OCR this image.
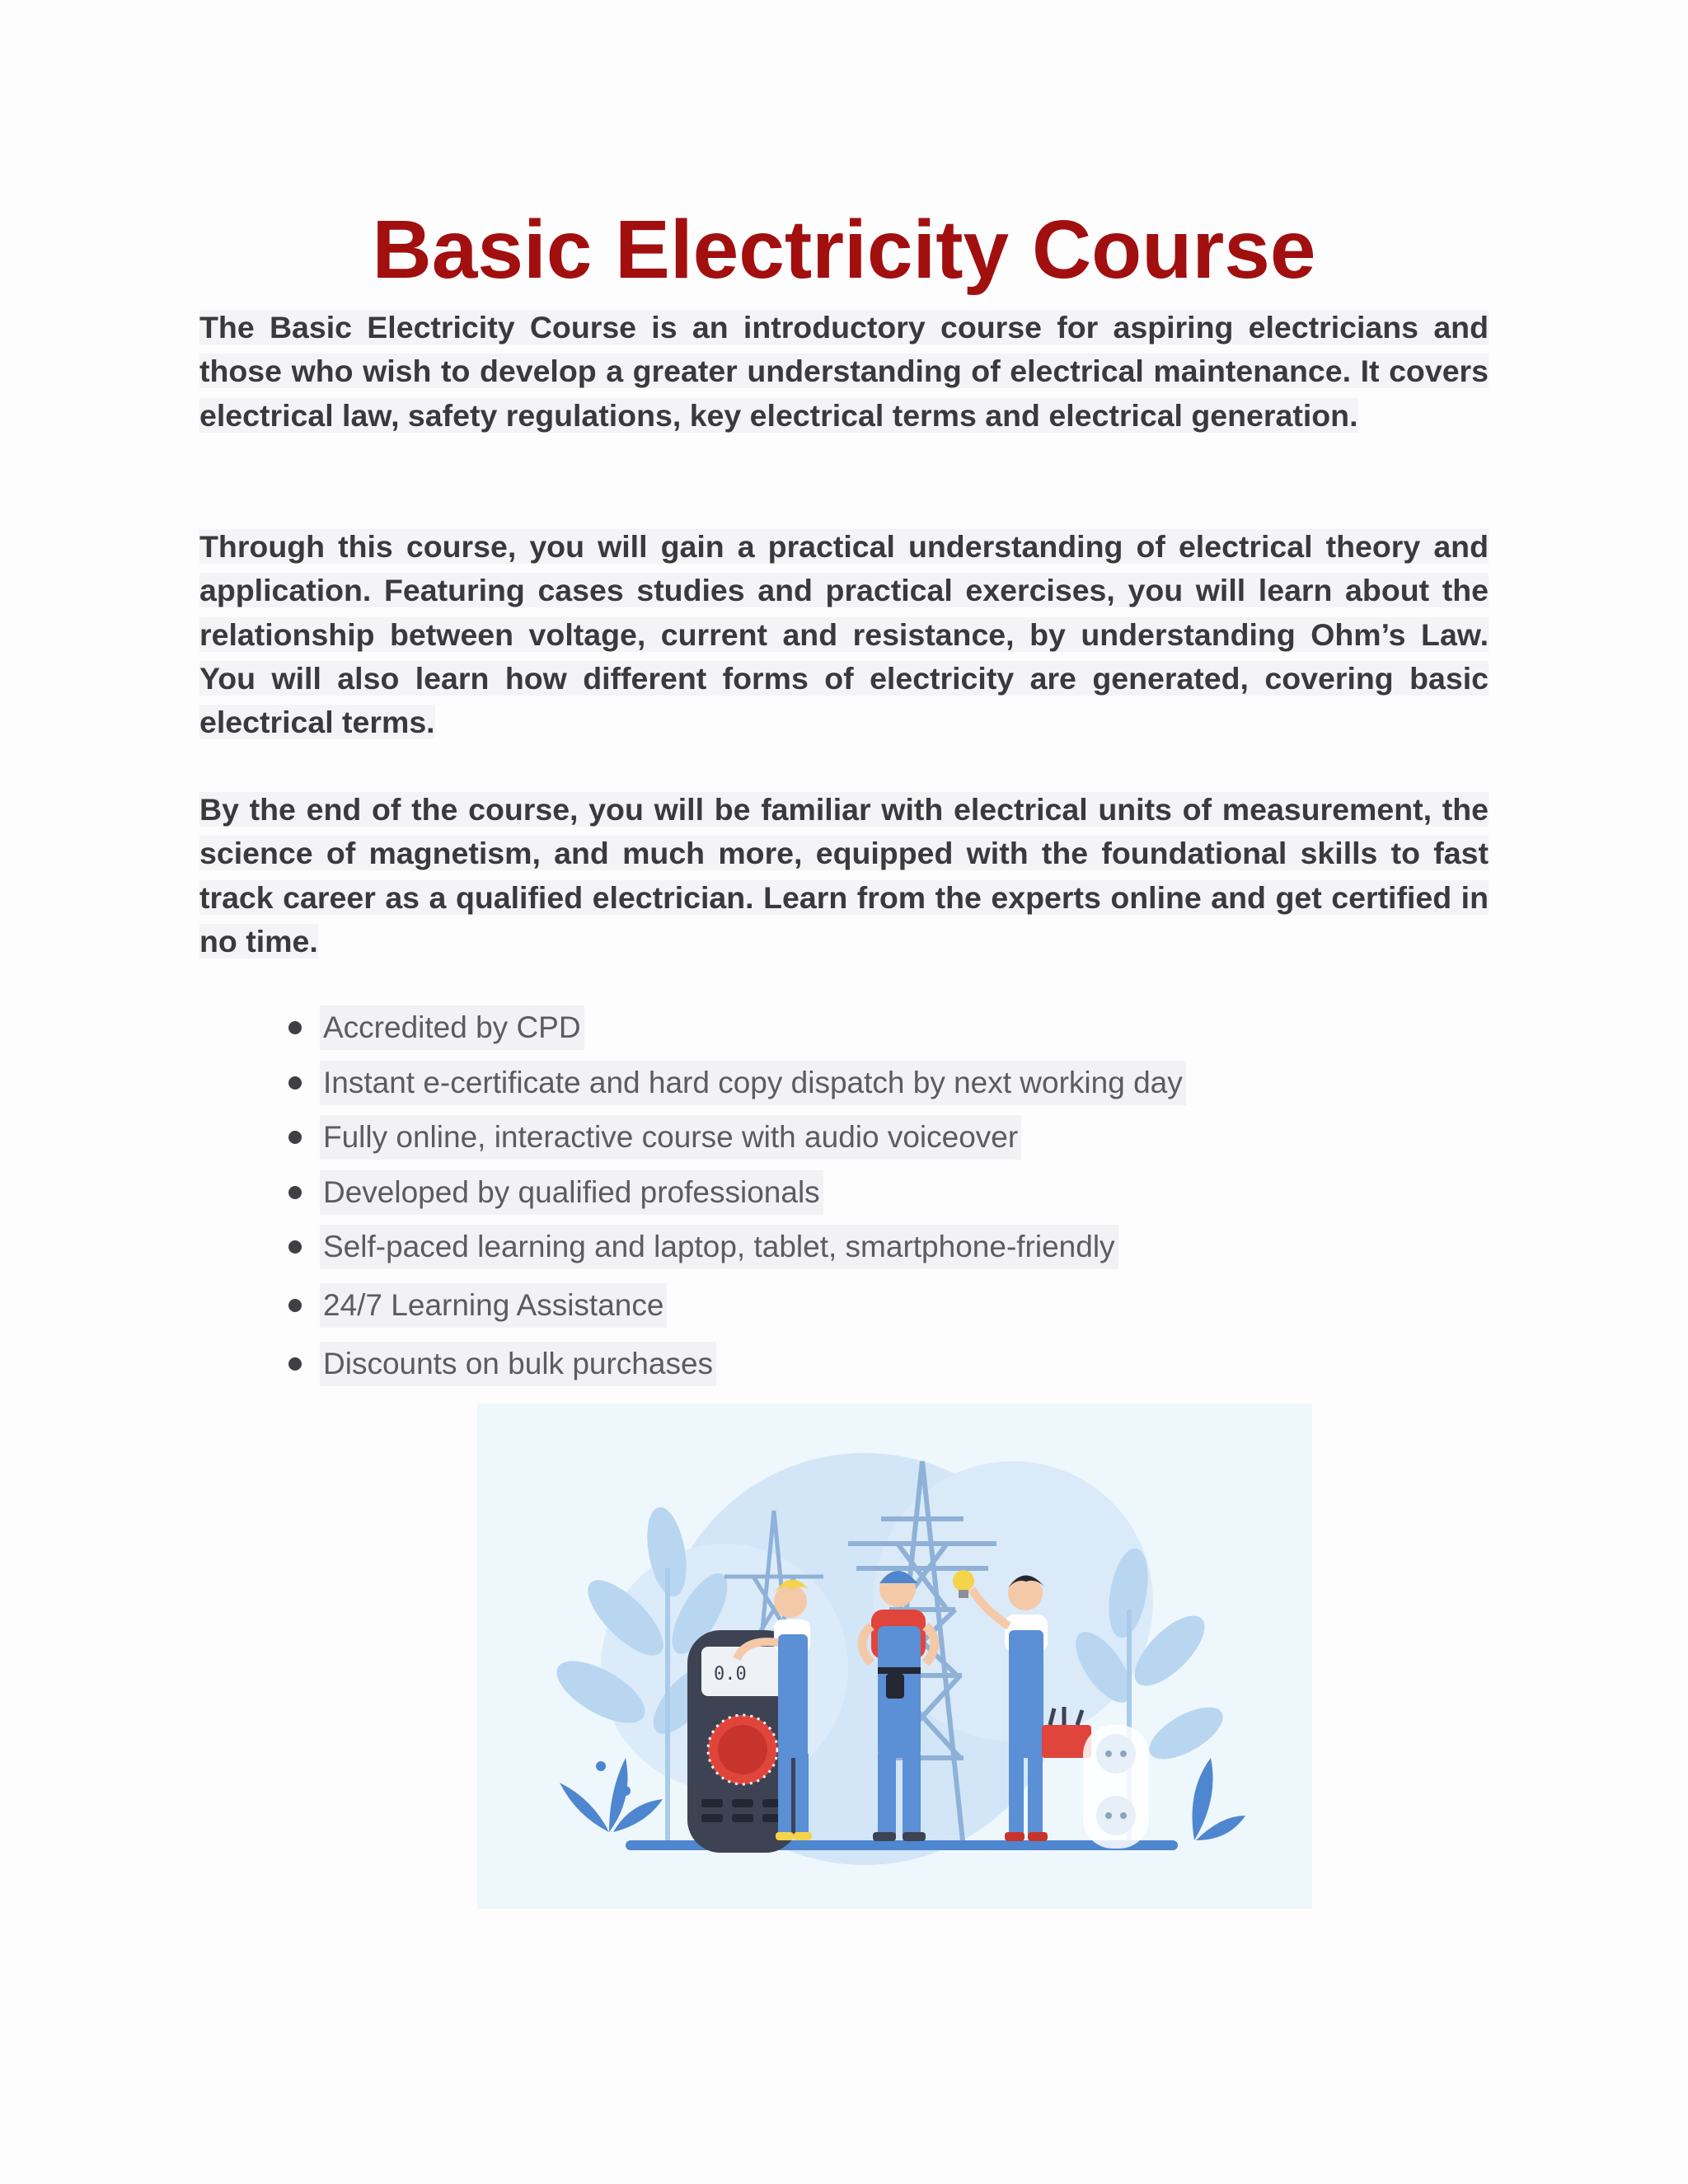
Basic Electricity Course

The Basic Electricity Course is an introductory course for aspiring electricians and those who wish to develop a greater understanding of electrical maintenance. It covers electrical law, safety regulations, key electrical terms and electrical generation.

Through this course, you will gain a practical understanding of electrical theory and application. Featuring cases studies and practical exercises, you will learn about the relationship between voltage, current and resistance, by understanding Ohm’s Law. You will also learn how different forms of electricity are generated, covering basic electrical terms.

By the end of the course, you will be familiar with electrical units of measurement, the science of magnetism, and much more, equipped with the foundational skills to fast track career as a qualified electrician. Learn from the experts online and get certified in no time.

Accredited by CPD
Instant e-certificate and hard copy dispatch by next working day
Fully online, interactive course with audio voiceover
Developed by qualified professionals
Self-paced learning and laptop, tablet, smartphone-friendly
24/7 Learning Assistance
Discounts on bulk purchases
0.0
